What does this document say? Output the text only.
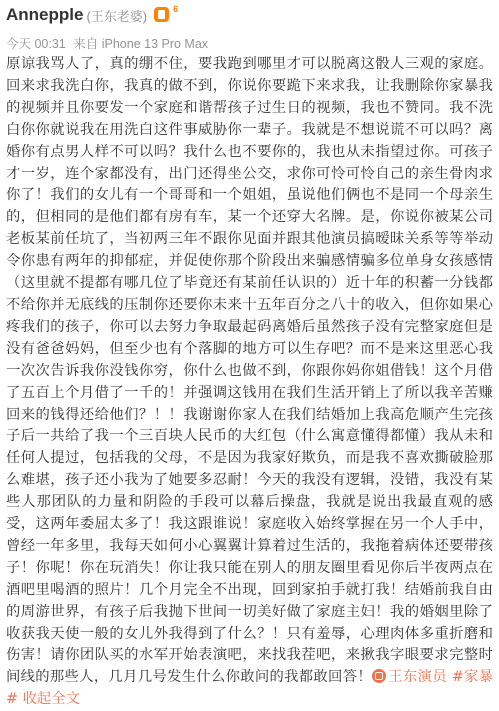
Annepple (王东老婆)	6
今天 00:31 来自 iPhone 13 Pro Max
原谅我骂人了，真的绷不住，要我跑到哪里才可以脱离这骰人三观的家庭。回来求我洗白你，我真的做不到，你说你要跪下来求我，让我删除你家暴我的视频并且你要发一个家庭和谐帮孩子过生日的视频，我也不赞同。我不洗白你你就说我在用洗白这件事威胁你一辈子。我就是不想说谎不可以吗？离婚你有点男人样不可以吗？我什么也不要你的，我也从未指望过你。可孩子才一岁，连个家都没有，出门还得坐公交，求你可怜可怜自己的亲生骨肉求你了！我们的女儿有一个哥哥和一个姐姐，虽说他们俩也不是同一个母亲生的，但相同的是他们都有房有车，某一个还穿大名牌。是，你说你被某公司老板某前任坑了，当初两三年不跟你见面并跟其他演员搞暧昧关系等等举动令你患有两年的抑郁症，并促使你那个阶段出来骗感情骗多位单身女孩感情（这里就不提都有哪几位了毕竟还有某前任认识的）近十年的积蓄一分钱都不给你并无底线的压制你还要你未来十五年百分之八十的收入，但你如果心疼我们的孩子，你可以去努力争取最起码离婚后虽然孩子没有完整家庭但是没有爸爸妈妈，但至少也有个落脚的地方可以生存吧？而不是来这里恶心我一次次告诉我你没钱你穷，你什么也做不到，你跟你妈你姐借钱！这个月借了五百上个月借了一千的！并强调这钱用在我们生活开销上了所以我辛苦赚回来的钱得还给他们？！！我谢谢你家人在我们结婚加上我高危顺产生完孩子后一共给了我一个三百块人民币的大红包（什么寓意懂得都懂）我从未和任何人提过，包括我的父母，不是因为我家好欺负，而是我不喜欢撕破脸那么难堪，孩子还小我为了她要多忍耐！今天的我没有逻辑，没错，我没有某些人那团队的力量和阴险的手段可以幕后操盘，我就是说出我最直观的感受，这两年委屈太多了！我这跟谁说！家庭收入始终掌握在另一个人手中，曾经一年多里，我每天如何小心翼翼计算着过生活的，我拖着病体还要带孩子！你呢！你在玩消失！你让我只能在别人的朋友圈里看见你后半夜两点在酒吧里喝酒的照片！几个月完全不出现，回到家拍手就打我！结婚前我自由的周游世界，有孩子后我抛下世间一切美好做了家庭主妇！我的婚姻里除了收获我天使一般的女儿外我得到了什么？！只有羞辱，心理肉体多重折磨和伤害！请你团队买的水军开始表演吧，来找我茬吧，来揪我字眼要求完整时间线的那些人，几月几号发生什么你敢问的我都敢回答！ 王东演员 #家暴# 收起全文
